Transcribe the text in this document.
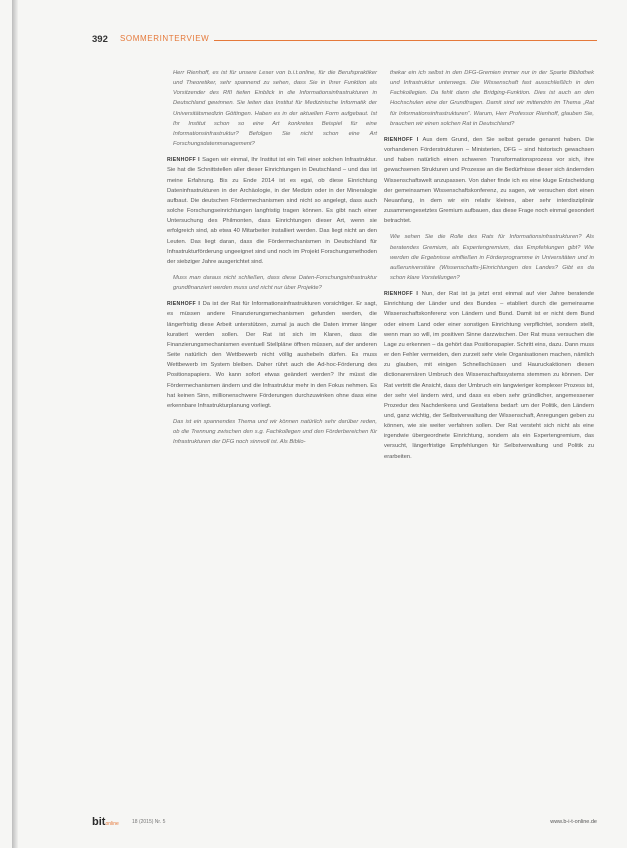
392 SOMMERINTERVIEW

Herr Rienhoff, es ist für unsere Leser von b.i.t.online, für die Berufspraktiker und Theoretiker, sehr spannend zu sehen, dass Sie in Ihrer Funktion als Vorsitzender des RfII tiefen Einblick in die Informationsinfrastrukturen in Deutschland gewinnen. Sie leiten das Institut für Medizinische Informatik der Universitätsmedizin Göttingen. Haben es in der aktuellen Form aufgebaut. Ist Ihr Institut schon so eine Art konkretes Beispiel für eine Informationsinfrastruktur? Befolgen Sie nicht schon eine Art Forschungsdatenmanagement?

RIENHOFF I Sagen wir einmal, Ihr Institut ist ein Teil einer solchen Infrastruktur. Sie hat die Schnittstellen aller dieser Einrichtungen in Deutschland – und das ist meine Erfahrung. Bis zu Ende 2014 ist es egal, ob diese Einrichtung Dateninfrastrukturen in der Archäologie, in der Medizin oder in der Mineralogie aufbaut. Die deutschen Fördermechanismen sind nicht so angelegt, dass auch solche Forschungseinrichtungen langfristig tragen können. Es gibt nach einer Untersuchung des Philmonten, dass Einrichtungen dieser Art, wenn sie erfolgreich sind, ab etwa 40 Mitarbeiter installiert werden. Das liegt nicht an den Leuten. Das liegt daran, dass die Fördermechanismen in Deutschland für Infrastrukturförderung ungeeignet sind und noch im Projekt Forschungsmethoden der siebziger Jahre ausgerichtet sind.

Muss man daraus nicht schließen, dass diese Daten-Forschungsinfrastruktur grundfinanziert werden muss und nicht nur über Projekte?

RIENHOFF I Da ist der Rat für Informationsinfrastrukturen vorsichtiger. Er sagt, es müssen andere Finanzierungsmechanismen gefunden werden, die längerfristig diese Arbeit unterstützen, zumal ja auch die Daten immer länger kuratiert werden sollen. Der Rat ist sich im Klaren, dass die Finanzierungsmechanismen eventuell Stellpläne öffnen müssen, auf der anderen Seite natürlich den Wettbewerb nicht völlig aushebeln dürfen. Es muss Wettbewerb im System bleiben. Daher rührt auch die Ad-hoc-Förderung des Positionspapiers. Wo kann sofort etwas geändert werden? Ihr müsst die Fördermechanismen ändern und die Infrastruktur mehr in den Fokus nehmen. Es hat keinen Sinn, millionenschwere Förderungen durchzuwinken ohne dass eine erkennbare Infrastrukturplanung vorliegt.

Das ist ein spannendes Thema und wir können natürlich sehr darüber reden, ob die Trennung zwischen den s.g. Fachkollegen und den Förderbereichen für Infrastrukturen der DFG noch sinnvoll ist. Als Biblio-

thekar ein ich selbst in den DFG-Gremien immer nur in der Sparte Bibliothek und Infrastruktur unterwegs. Die Wissenschaft fast ausschließlich in den Fachkollegien. Da fehlt dann die Bridging-Funktion. Dies ist auch an den Hochschulen eine der Grundfragen. Damit sind wir mittendrin im Thema „Rat für Informationsinfrastrukturen“. Warum, Herr Professor Rienhoff, glauben Sie, brauchen wir einen solchen Rat in Deutschland?

RIENHOFF I Aus dem Grund, den Sie selbst gerade genannt haben. Die vorhandenen Förderstrukturen – Ministerien, DFG – sind historisch gewachsen und haben natürlich einen schweren Transformationsprozess vor sich, ihre gewachsenen Strukturen und Prozesse an die Bedürfnisse dieser sich ändernden Wissenschaftswelt anzupassen. Von daher finde ich es eine kluge Entscheidung der gemeinsamen Wissenschaftskonferenz, zu sagen, wir versuchen dort einen Neuanfang, in dem wir ein relativ kleines, aber sehr interdisziplinär zusammengesetztes Gremium aufbauen, das diese Frage noch einmal gesondert betrachtet.

Wie sehen Sie die Rolle des Rats für Informationsinfrastrukturen? Als beratendes Gremium, als Expertengremium, das Empfehlungen gibt? Wie werden die Ergebnisse einfließen in Förderprogramme in Universitäten und in außeruniversitäre (Wissenschafts-)Einrichtungen des Landes? Gibt es da schon klare Vorstellungen?

RIENHOFF I Nun, der Rat ist ja jetzt erst einmal auf vier Jahre beratende Einrichtung der Länder und des Bundes – etabliert durch die gemeinsame Wissenschaftskonferenz von Ländern und Bund. Damit ist er nicht dem Bund oder einem Land oder einer sonstigen Einrichtung verpflichtet, sondern stellt, wenn man so will, im positiven Sinne darzwischen. Der Rat muss versuchen die Lage zu erkennen – da gehört das Positionspapier. Schritt eins, dazu. Dann muss er den Fehler vermeiden, den zurzeit sehr viele Organisationen machen, nämlich zu glauben, mit einigen Schnellschüssen und Hauruckaktionen diesen dictionarernären Umbruch des Wissenschaftssystems stemmen zu können. Der Rat vertritt die Ansicht, dass der Umbruch ein langwieriger komplexer Prozess ist, der sehr viel ändern wird, und dass es eben sehr gründlicher, angemessener Prozedur des Nachdenkens und Gestaltens bedarf: um der Politik, den Ländern und, ganz wichtig, der Selbstverwaltung der Wissenschaft, Anregungen geben zu können, wie sie weiter verfahren sollen. Der Rat versteht sich nicht als eine irgendwie übergeordnete Einrichtung, sondern als ein Expertengremium, das versucht, längerfristige Empfehlungen für Selbstverwaltung und Politik zu erarbeiten.

bitonline	18 (2015) Nr. 5	www.b-i-t-online.de
